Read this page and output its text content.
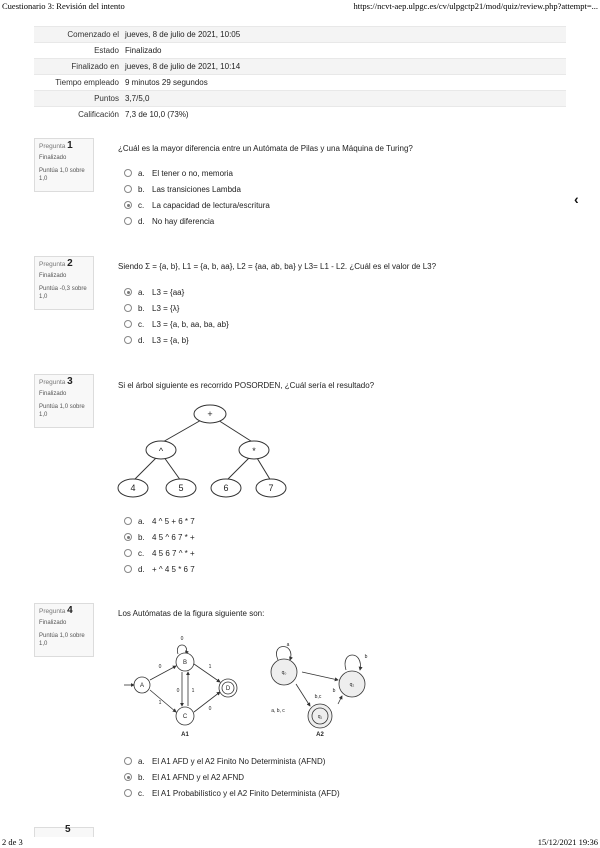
Cuestionario 3: Revisión del intento	https://ncvt-aep.ulpgc.es/cv/ulpgctp21/mod/quiz/review.php?attempt=...
Comenzado el	jueves, 8 de julio de 2021, 10:05
Estado	Finalizado
Finalizado en	jueves, 8 de julio de 2021, 10:14
Tiempo empleado	9 minutos 29 segundos
Puntos	3,7/5,0
Calificación	7,3 de 10,0 (73%)
‹
Pregunta 1
Finalizado
Puntúa 1,0 sobre 1,0
¿Cuál es la mayor diferencia entre un Autómata de Pilas y una Máquina de Turing?
a. El tener o no, memoria
b. Las transiciones Lambda
c. La capacidad de lectura/escritura
d. No hay diferencia
Pregunta 2
Finalizado
Puntúa -0,3 sobre 1,0
Siendo Σ = {a, b}, L1 = {a, b, aa}, L2 = {aa, ab, ba} y L3= L1 - L2. ¿Cuál es el valor de L3?
a. L3 = {aa}
b. L3 = {λ}
c. L3 = {a, b, aa, ba, ab}
d. L3 = {a, b}
Pregunta 3
Finalizado
Puntúa 1,0 sobre 1,0
Si el árbol siguiente es recorrido POSORDEN, ¿Cuál sería el resultado?
+
^	*
4	5	6	7
a. 4 ^ 5 + 6 * 7
b. 4 5 ^ 6 7 * +
c. 4 5 6 7 ^ * +
d. + ^ 4 5 * 6 7
Pregunta 4
Finalizado
Puntúa 1,0 sobre 1,0
Los Autómatas de la figura siguiente son:
A
B
C
D
0
0
1
0 1
1
0
A1
q₀
q₁
q₂
a
b
b
b,c
a, b, c
A2
a. El A1 AFD y el A2 Finito No Determinista (AFND)
b. El A1 AFND y el A2 AFND
c. El A1 Probabilístico y el A2 Finito Determinista (AFD)
5
2 de 3	15/12/2021 19:36
